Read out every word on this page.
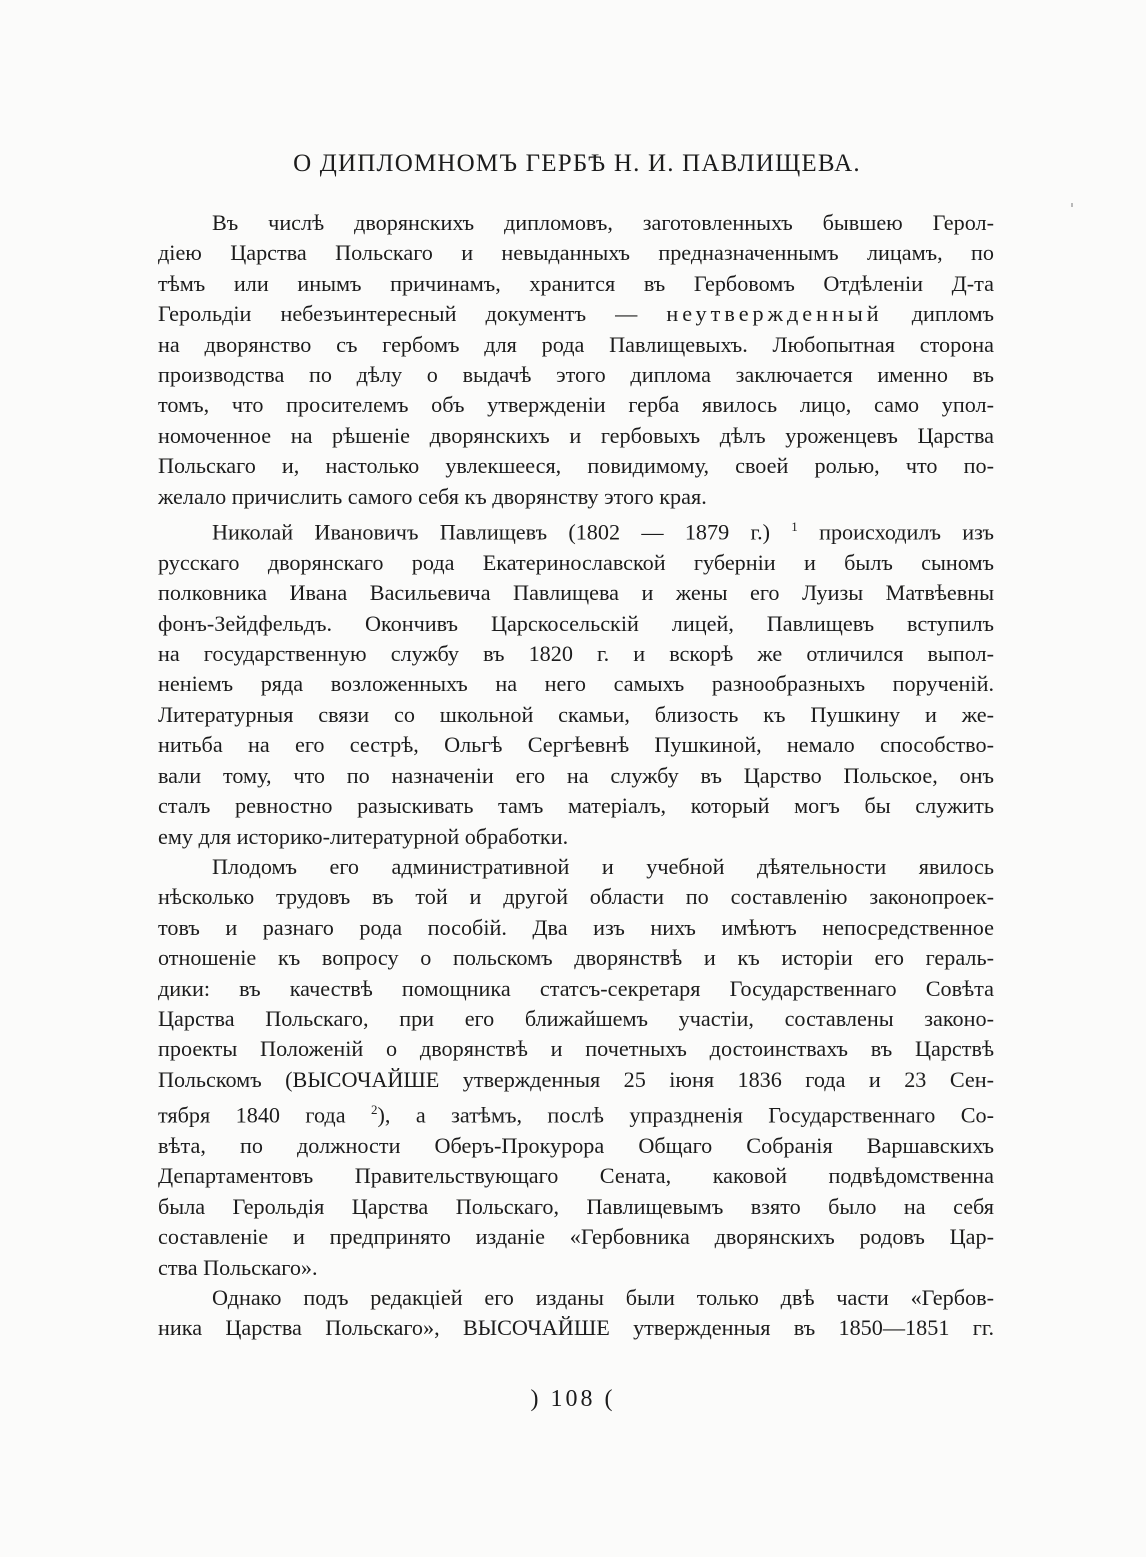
О ДИПЛОМНОМЪ ГЕРБѢ Н. И. ПАВЛИЩЕВА.
Въ числѣ дворянскихъ дипломовъ, заготовленныхъ бывшею Герол-
діею Царства Польскаго и невыданныхъ предназначеннымъ лицамъ, по
тѣмъ или инымъ причинамъ, хранится въ Гербовомъ Отдѣленіи Д-та
Герольдіи небезъинтересный документъ — неутвержденный дипломъ
на дворянство съ гербомъ для рода Павлищевыхъ. Любопытная сторона
производства по дѣлу о выдачѣ этого диплома заключается именно въ
томъ, что просителемъ объ утвержденіи герба явилось лицо, само упол-
номоченное на рѣшеніе дворянскихъ и гербовыхъ дѣлъ уроженцевъ Царства
Польскаго и, настолько увлекшееся, повидимому, своей ролью, что по-
желало причислить самого себя къ дворянству этого края.
Николай Ивановичъ Павлищевъ (1802 — 1879 г.) $^1$ происходилъ изъ
русскаго дворянскаго рода Екатеринославской губерніи и былъ сыномъ
полковника Ивана Васильевича Павлищева и жены его Луизы Матвѣевны
фонъ-Зейдфельдъ. Окончивъ Царскосельскій лицей, Павлищевъ вступилъ
на государственную службу въ 1820 г. и вскорѣ же отличился выпол-
неніемъ ряда возложенныхъ на него самыхъ разнообразныхъ порученій.
Литературныя связи со школьной скамьи, близость къ Пушкину и же-
нитьба на его сестрѣ, Ольгѣ Сергѣевнѣ Пушкиной, немало способство-
вали тому, что по назначеніи его на службу въ Царство Польское, онъ
сталъ ревностно разыскивать тамъ матеріалъ, который могъ бы служить
ему для историко-литературной обработки.
Плодомъ его административной и учебной дѣятельности явилось
нѣсколько трудовъ въ той и другой области по составленію законопроек-
товъ и разнаго рода пособій. Два изъ нихъ имѣютъ непосредственное
отношеніе къ вопросу о польскомъ дворянствѣ и къ исторіи его гераль-
дики: въ качествѣ помощника статсъ-секретаря Государственнаго Совѣта
Царства Польскаго, при его ближайшемъ участіи, составлены законо-
проекты Положеній о дворянствѣ и почетныхъ достоинствахъ въ Царствѣ
Польскомъ (ВЫСОЧАЙШЕ утвержденныя 25 іюня 1836 года и 23 Сен-
тября 1840 года $^2$), а затѣмъ, послѣ упраздненія Государственнаго Со-
вѣта, по должности Оберъ-Прокурора Общаго Собранія Варшавскихъ
Департаментовъ Правительствующаго Сената, каковой подвѣдомственна
была Герольдія Царства Польскаго, Павлищевымъ взято было на себя
составленіе и предпринято изданіе «Гербовника дворянскихъ родовъ Цар-
ства Польскаго».
Однако подъ редакціей его изданы были только двѣ части «Гербов-
ника Царства Польскаго», ВЫСОЧАЙШЕ утвержденныя въ 1850—1851 гг.
) 108 (
